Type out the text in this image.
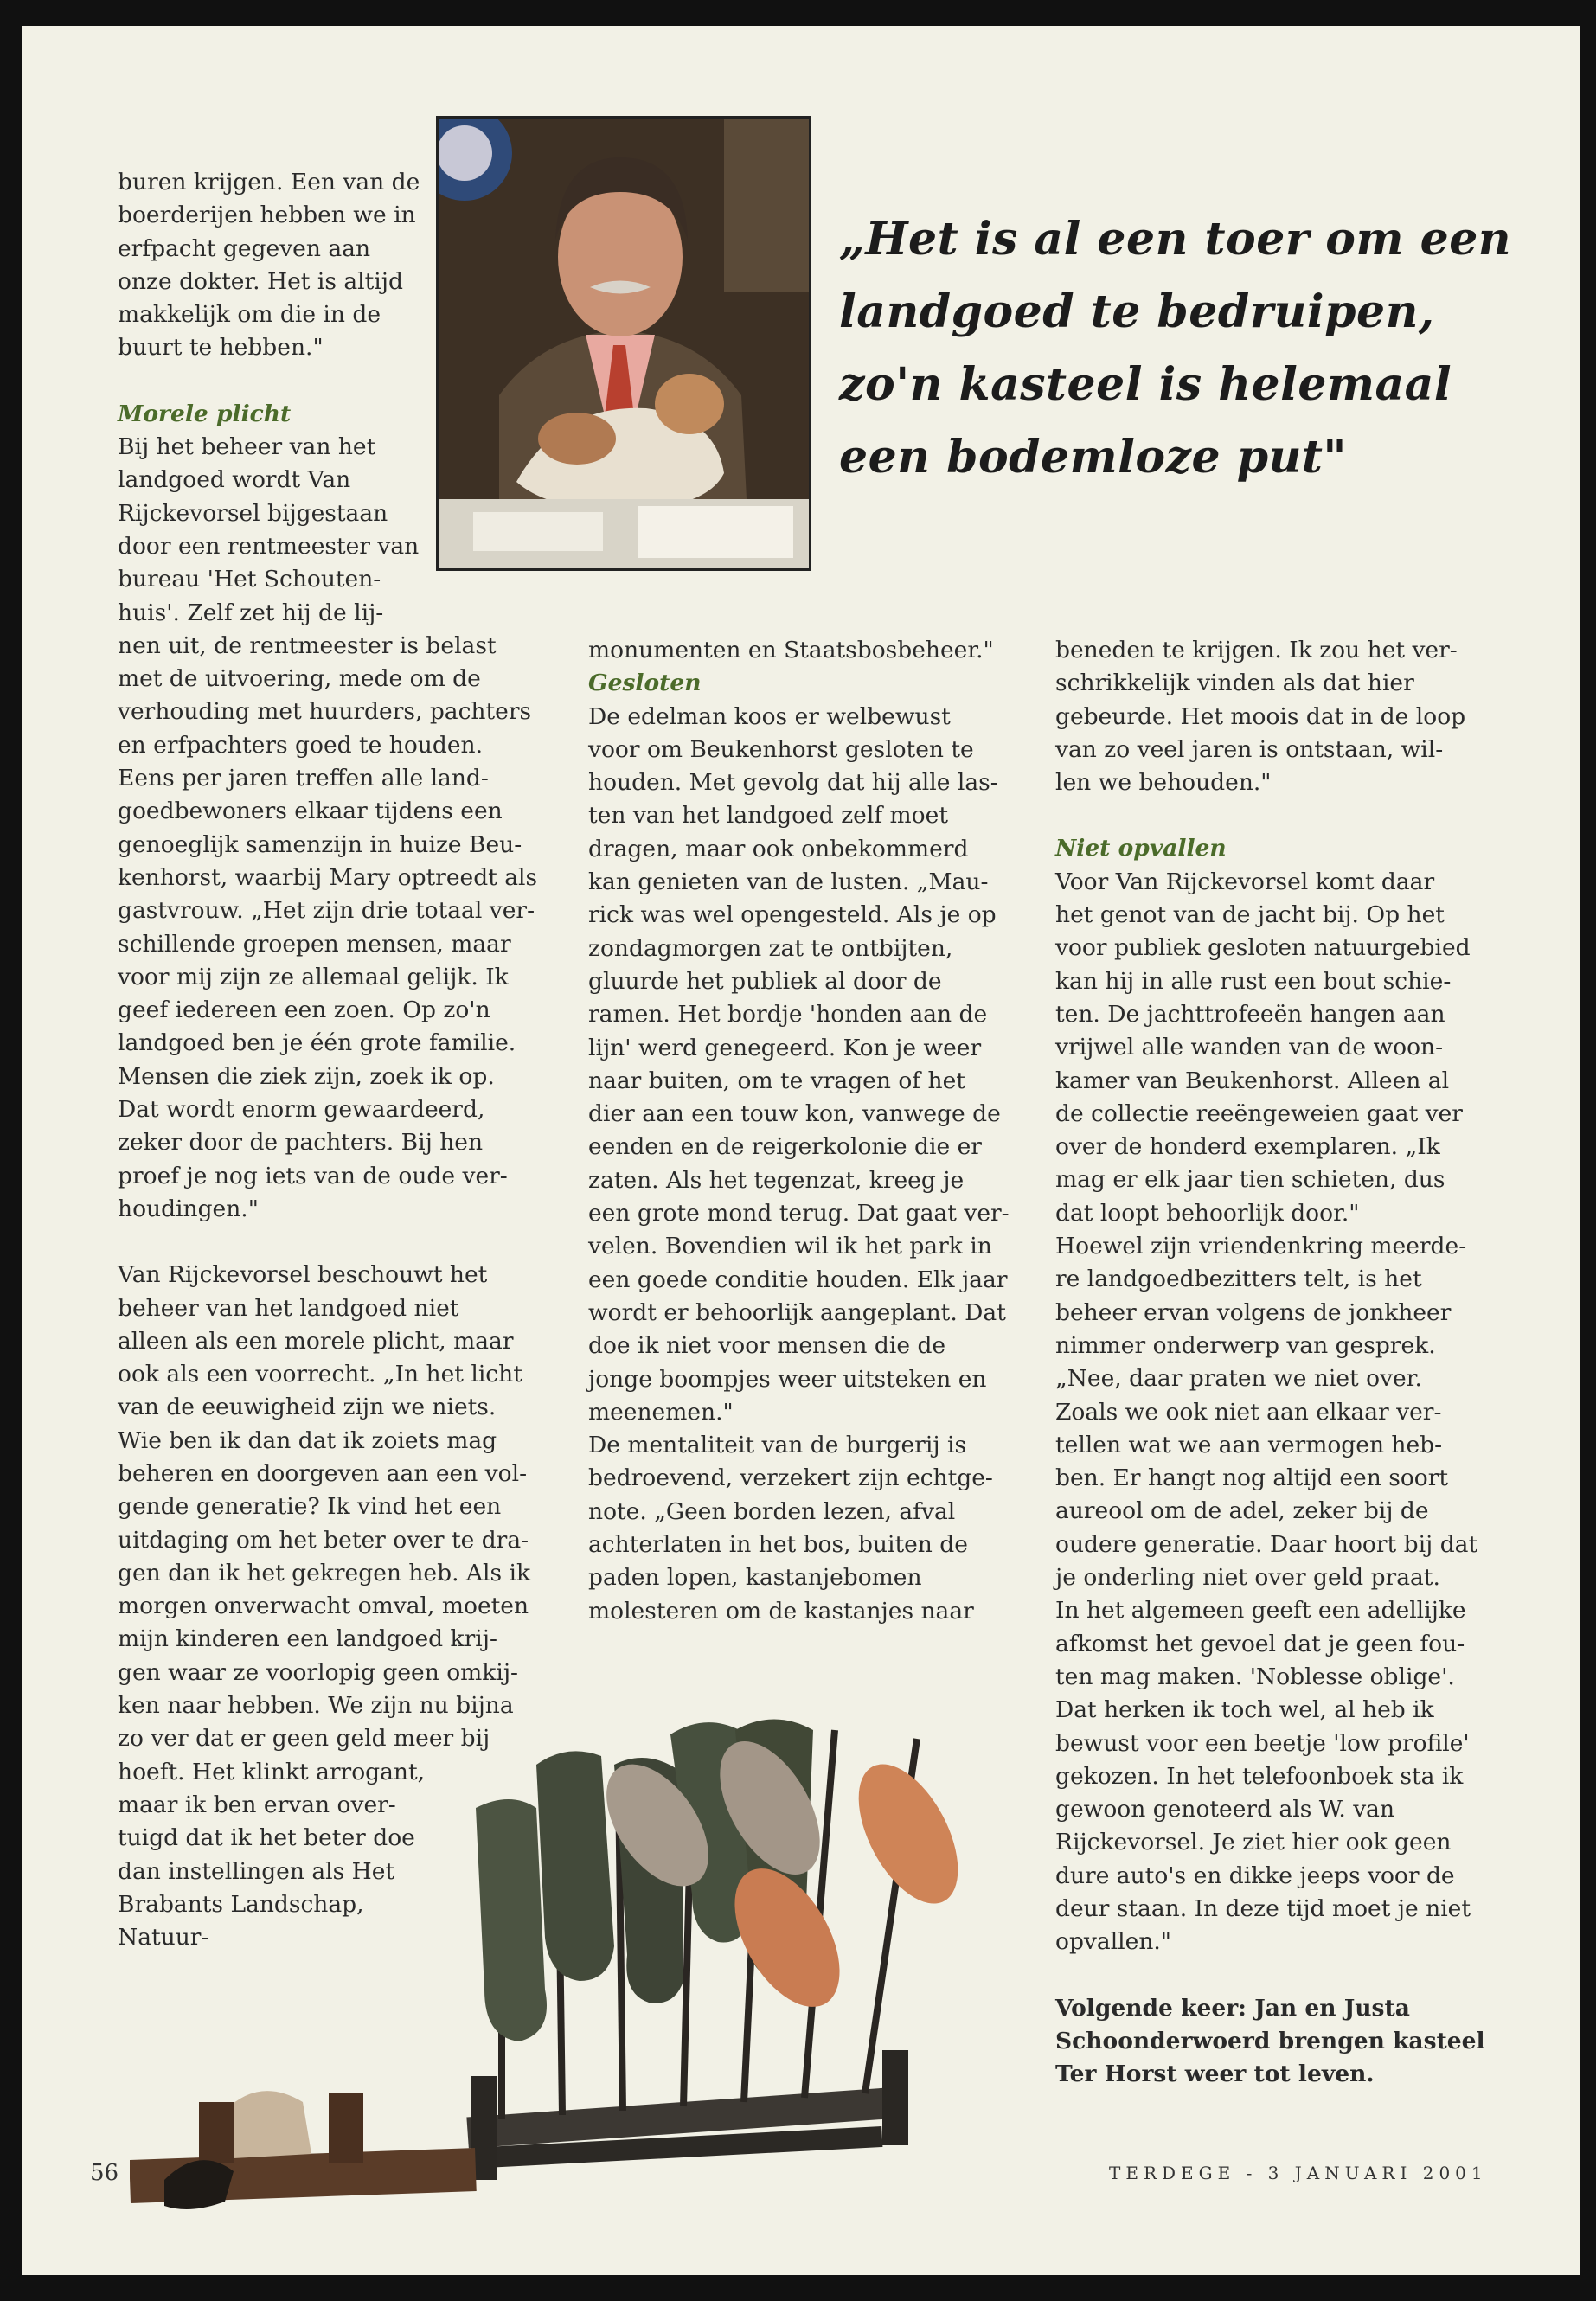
buren krijgen. Een van de

boerderijen hebben we in

erfpacht gegeven aan

onze dokter. Het is altijd

makkelijk om die in de

buurt te hebben."

Morele plicht

Bij het beheer van het

landgoed wordt Van

Rijckevorsel bijgestaan

door een rentmeester van

bureau 'Het Schouten-

huis'. Zelf zet hij de lij-

nen uit, de rentmeester is belast

met de uitvoering, mede om de

verhouding met huurders, pachters

en erfpachters goed te houden.

Eens per jaren treffen alle land-

goedbewoners elkaar tijdens een

genoeglijk samenzijn in huize Beu-

kenhorst, waarbij Mary optreedt als

gastvrouw. „Het zijn drie totaal ver-

schillende groepen mensen, maar

voor mij zijn ze allemaal gelijk. Ik

geef iedereen een zoen. Op zo'n

landgoed ben je één grote familie.

Mensen die ziek zijn, zoek ik op.

Dat wordt enorm gewaardeerd,

zeker door de pachters. Bij hen

proef je nog iets van de oude ver-

houdingen."

Van Rijckevorsel beschouwt het

beheer van het landgoed niet

alleen als een morele plicht, maar

ook als een voorrecht. „In het licht

van de eeuwigheid zijn we niets.

Wie ben ik dan dat ik zoiets mag

beheren en doorgeven aan een vol-

gende generatie? Ik vind het een

uitdaging om het beter over te dra-

gen dan ik het gekregen heb. Als ik

morgen onverwacht omval, moeten

mijn kinderen een landgoed krij-

gen waar ze voorlopig geen omkij-

ken naar hebben. We zijn nu bijna

zo ver dat er geen geld meer bij

hoeft. Het klinkt arrogant,

maar ik ben ervan over-

tuigd dat ik het beter doe

dan instellingen als Het

Brabants Landschap,

Natuur-

monumenten en Staatsbosbeheer."

Gesloten

De edelman koos er welbewust

voor om Beukenhorst gesloten te

houden. Met gevolg dat hij alle las-

ten van het landgoed zelf moet

dragen, maar ook onbekommerd

kan genieten van de lusten. „Mau-

rick was wel opengesteld. Als je op

zondagmorgen zat te ontbijten,

gluurde het publiek al door de

ramen. Het bordje 'honden aan de

lijn' werd genegeerd. Kon je weer

naar buiten, om te vragen of het

dier aan een touw kon, vanwege de

eenden en de reigerkolonie die er

zaten. Als het tegenzat, kreeg je

een grote mond terug. Dat gaat ver-

velen. Bovendien wil ik het park in

een goede conditie houden. Elk jaar

wordt er behoorlijk aangeplant. Dat

doe ik niet voor mensen die de

jonge boompjes weer uitsteken en

meenemen."

De mentaliteit van de burgerij is

bedroevend, verzekert zijn echtge-

note. „Geen borden lezen, afval

achterlaten in het bos, buiten de

paden lopen, kastanjebomen

molesteren om de kastanjes naar

beneden te krijgen. Ik zou het ver-

schrikkelijk vinden als dat hier

gebeurde. Het moois dat in de loop

van zo veel jaren is ontstaan, wil-

len we behouden."

Niet opvallen

Voor Van Rijckevorsel komt daar

het genot van de jacht bij. Op het

voor publiek gesloten natuurgebied

kan hij in alle rust een bout schie-

ten. De jachttrofeeën hangen aan

vrijwel alle wanden van de woon-

kamer van Beukenhorst. Alleen al

de collectie reeëngeweien gaat ver

over de honderd exemplaren. „Ik

mag er elk jaar tien schieten, dus

dat loopt behoorlijk door."

Hoewel zijn vriendenkring meerde-

re landgoedbezitters telt, is het

beheer ervan volgens de jonkheer

nimmer onderwerp van gesprek.

„Nee, daar praten we niet over.

Zoals we ook niet aan elkaar ver-

tellen wat we aan vermogen heb-

ben. Er hangt nog altijd een soort

aureool om de adel, zeker bij de

oudere generatie. Daar hoort bij dat

je onderling niet over geld praat.

In het algemeen geeft een adellijke

afkomst het gevoel dat je geen fou-

ten mag maken. 'Noblesse oblige'.

Dat herken ik toch wel, al heb ik

bewust voor een beetje 'low profile'

gekozen. In het telefoonboek sta ik

gewoon genoteerd als W. van

Rijckevorsel. Je ziet hier ook geen

dure auto's en dikke jeeps voor de

deur staan. In deze tijd moet je niet

opvallen."

Volgende keer: Jan en Justa

Schoonderwoerd brengen kasteel

Ter Horst weer tot leven.

„Het is al een toer om een
landgoed te bedruipen,
zo'n kasteel is helemaal
een bodemloze put"
56	TERDEGE - 3 JANUARI 2001
